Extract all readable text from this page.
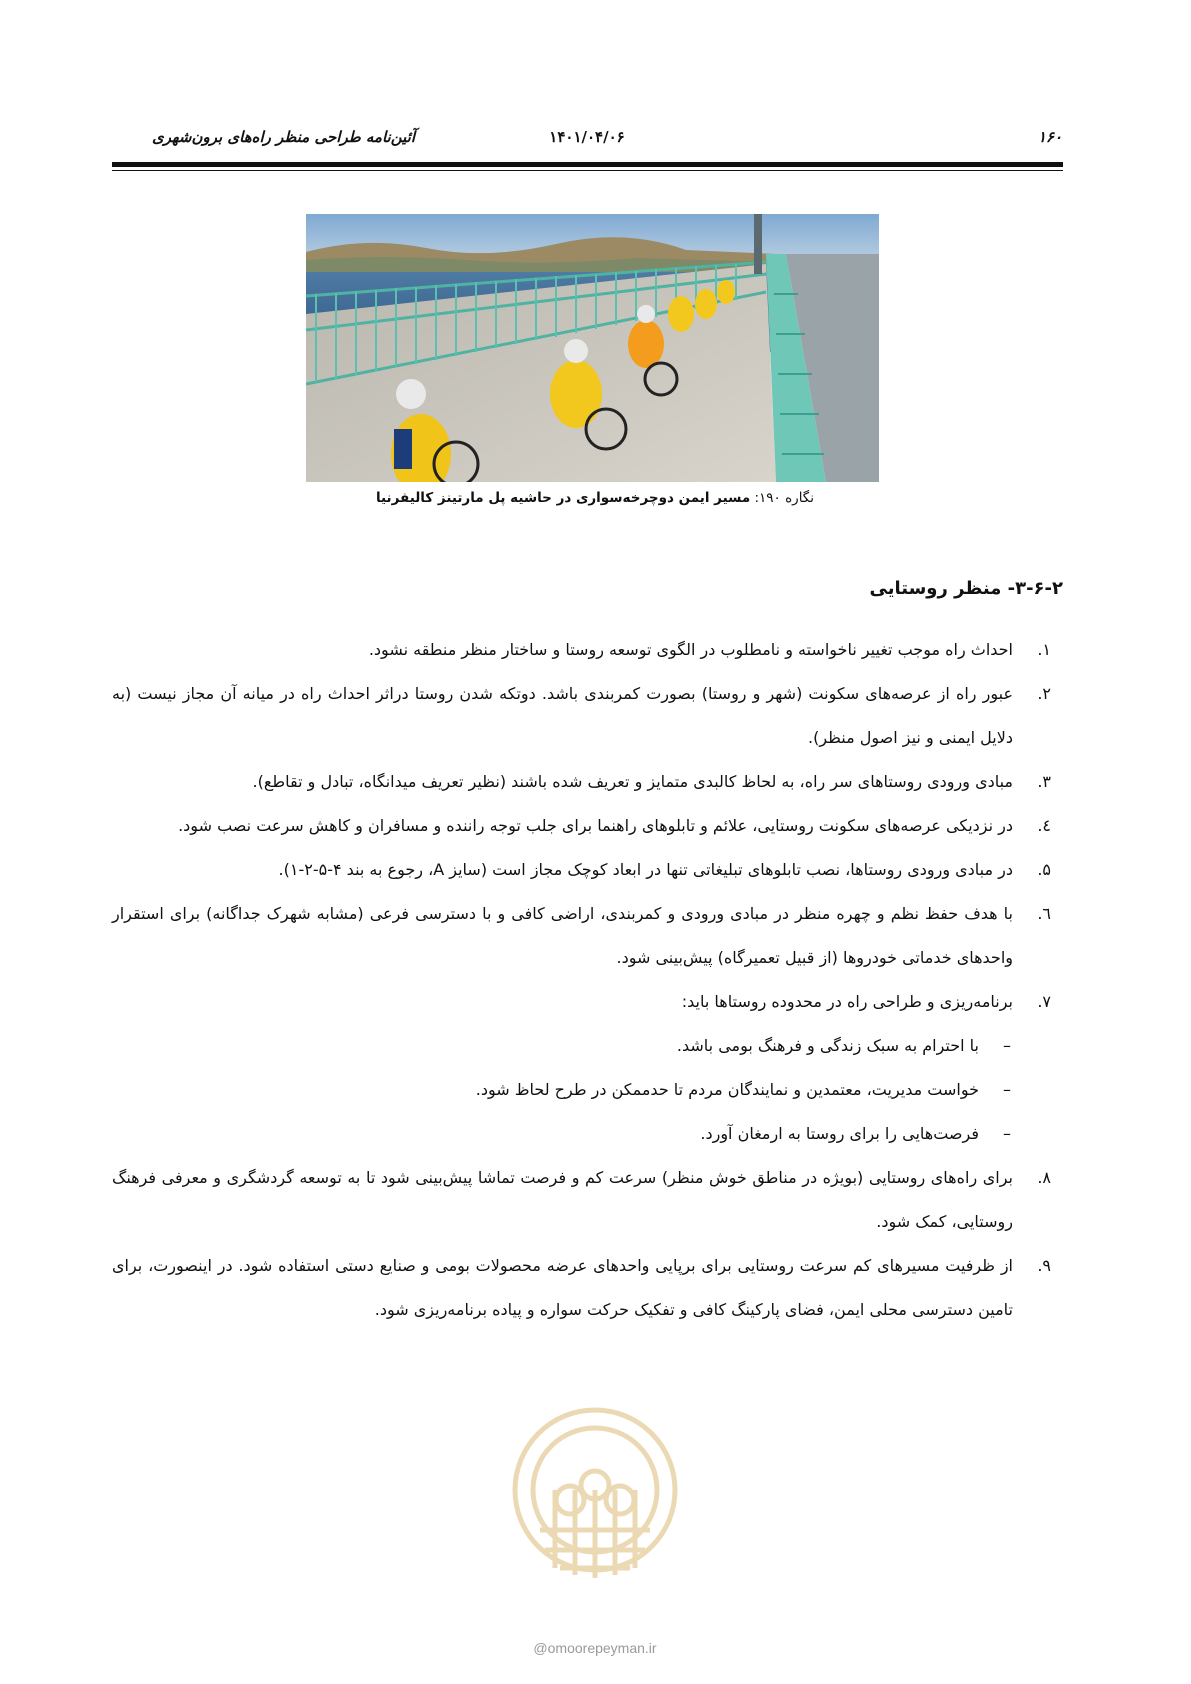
۱۶۰
۱۴۰۱/۰۴/۰۶
آئین‌نامه طراحی منظر راه‌های برون‌شهری
نگاره ۱۹۰: مسیر ایمن دوچرخه‌سواری در حاشیه پل مارتینز کالیفرنیا
۳-۶-۲- منظر روستایی
۱.
احداث راه موجب تغییر ناخواسته و نامطلوب در الگوی توسعه روستا و ساختار منظر منطقه نشود.
۲.
عبور راه از عرصه‌های سکونت (شهر و روستا) بصورت کمربندی باشد. دوتکه شدن روستا دراثر احداث راه در میانه آن مجاز نیست (به دلایل ایمنی و نیز اصول منظر).
۳.
مبادی ورودی روستاهای سر راه، به لحاظ کالبدی متمایز و تعریف شده باشند (نظیر تعریف میدانگاه، تبادل و تقاطع).
٤.
در نزدیکی عرصه‌های سکونت روستایی، علائم و تابلوهای راهنما برای جلب توجه راننده و مسافران و کاهش سرعت نصب شود.
۵.
در مبادی ورودی روستاها، نصب تابلوهای تبلیغاتی تنها در ابعاد کوچک مجاز است (سایز A، رجوع به بند ۴-۵-۲-۱).
٦.
با هدف حفظ نظم و چهره منظر در مبادی ورودی و کمربندی، اراضی کافی و با دسترسی فرعی (مشابه شهرک جداگانه) برای استقرار واحدهای خدماتی خودروها (از قبیل تعمیرگاه) پیش‌بینی شود.
۷.
برنامه‌ریزی و طراحی راه در محدوده روستاها باید:
–
با احترام به سبک زندگی و فرهنگ بومی باشد.
–
خواست مدیریت، معتمدین و نمایندگان مردم تا حدممکن در طرح لحاظ شود.
–
فرصت‌هایی را برای روستا به ارمغان آورد.
۸.
برای راه‌های روستایی (بویژه در مناطق خوش منظر) سرعت کم و فرصت تماشا پیش‌بینی شود تا به توسعه گردشگری و معرفی فرهنگ روستایی، کمک شود.
۹.
از ظرفیت مسیرهای کم سرعت روستایی برای برپایی واحدهای عرضه محصولات بومی و صنایع دستی استفاده شود. در اینصورت، برای تامین دسترسی محلی ایمن، فضای پارکینگ کافی و تفکیک حرکت سواره و پیاده برنامه‌ریزی شود.
@omoorepeyman.ir
